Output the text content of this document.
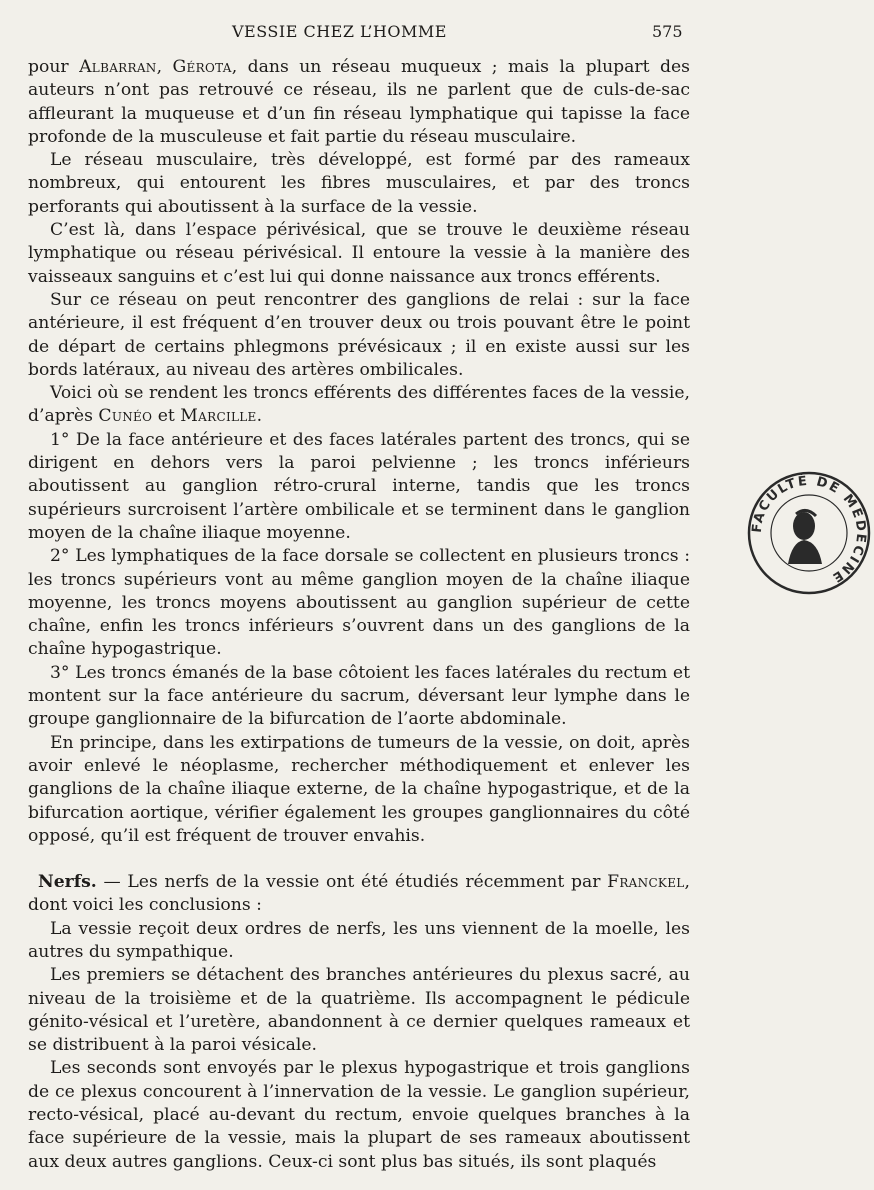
VESSIE CHEZ L’HOMME	575

pour Albarran, Gérota, dans un réseau muqueux ; mais la plupart des auteurs n’ont pas retrouvé ce réseau, ils ne parlent que de culs-de-sac affleurant la muqueuse et d’un fin réseau lymphatique qui tapisse la face profonde de la musculeuse et fait partie du réseau musculaire.

Le réseau musculaire, très développé, est formé par des rameaux nombreux, qui entourent les fibres musculaires, et par des troncs perforants qui aboutissent à la surface de la vessie.

C’est là, dans l’espace périvésical, que se trouve le deuxième réseau lymphatique ou réseau périvésical. Il entoure la vessie à la manière des vaisseaux sanguins et c’est lui qui donne naissance aux troncs efférents.

Sur ce réseau on peut rencontrer des ganglions de relai : sur la face antérieure, il est fréquent d’en trouver deux ou trois pouvant être le point de départ de certains phlegmons prévésicaux ; il en existe aussi sur les bords latéraux, au niveau des artères ombilicales.

Voici où se rendent les troncs efférents des différentes faces de la vessie, d’après Cunéo et Marcille.

1° De la face antérieure et des faces latérales partent des troncs, qui se dirigent en dehors vers la paroi pelvienne ; les troncs inférieurs aboutissent au ganglion rétro-crural interne, tandis que les troncs supérieurs surcroisent l’artère ombilicale et se terminent dans le ganglion moyen de la chaîne iliaque moyenne.

2° Les lymphatiques de la face dorsale se collectent en plusieurs troncs : les troncs supérieurs vont au même ganglion moyen de la chaîne iliaque moyenne, les troncs moyens aboutissent au ganglion supérieur de cette chaîne, enfin les troncs inférieurs s’ouvrent dans un des ganglions de la chaîne hypogastrique.

3° Les troncs émanés de la base côtoient les faces latérales du rectum et montent sur la face antérieure du sacrum, déversant leur lymphe dans le groupe ganglionnaire de la bifurcation de l’aorte abdominale.

En principe, dans les extirpations de tumeurs de la vessie, on doit, après avoir enlevé le néoplasme, rechercher méthodiquement et enlever les ganglions de la chaîne iliaque externe, de la chaîne hypogastrique, et de la bifurcation aortique, vérifier également les groupes ganglionnaires du côté opposé, qu’il est fréquent de trouver envahis.

Nerfs. — Les nerfs de la vessie ont été étudiés récemment par Franckel, dont voici les conclusions :

La vessie reçoit deux ordres de nerfs, les uns viennent de la moelle, les autres du sympathique.

Les premiers se détachent des branches antérieures du plexus sacré, au niveau de la troisième et de la quatrième. Ils accompagnent le pédicule génito-vésical et l’uretère, abandonnent à ce dernier quelques rameaux et se distribuent à la paroi vésicale.

Les seconds sont envoyés par le plexus hypogastrique et trois ganglions de ce plexus concourent à l’innervation de la vessie. Le ganglion supérieur, recto-vésical, placé au-devant du rectum, envoie quelques branches à la face supérieure de la vessie, mais la plupart de ses rameaux aboutissent aux deux autres ganglions. Ceux-ci sont plus bas situés, ils sont plaqués

FACULTÉ DE MÉDECINE
